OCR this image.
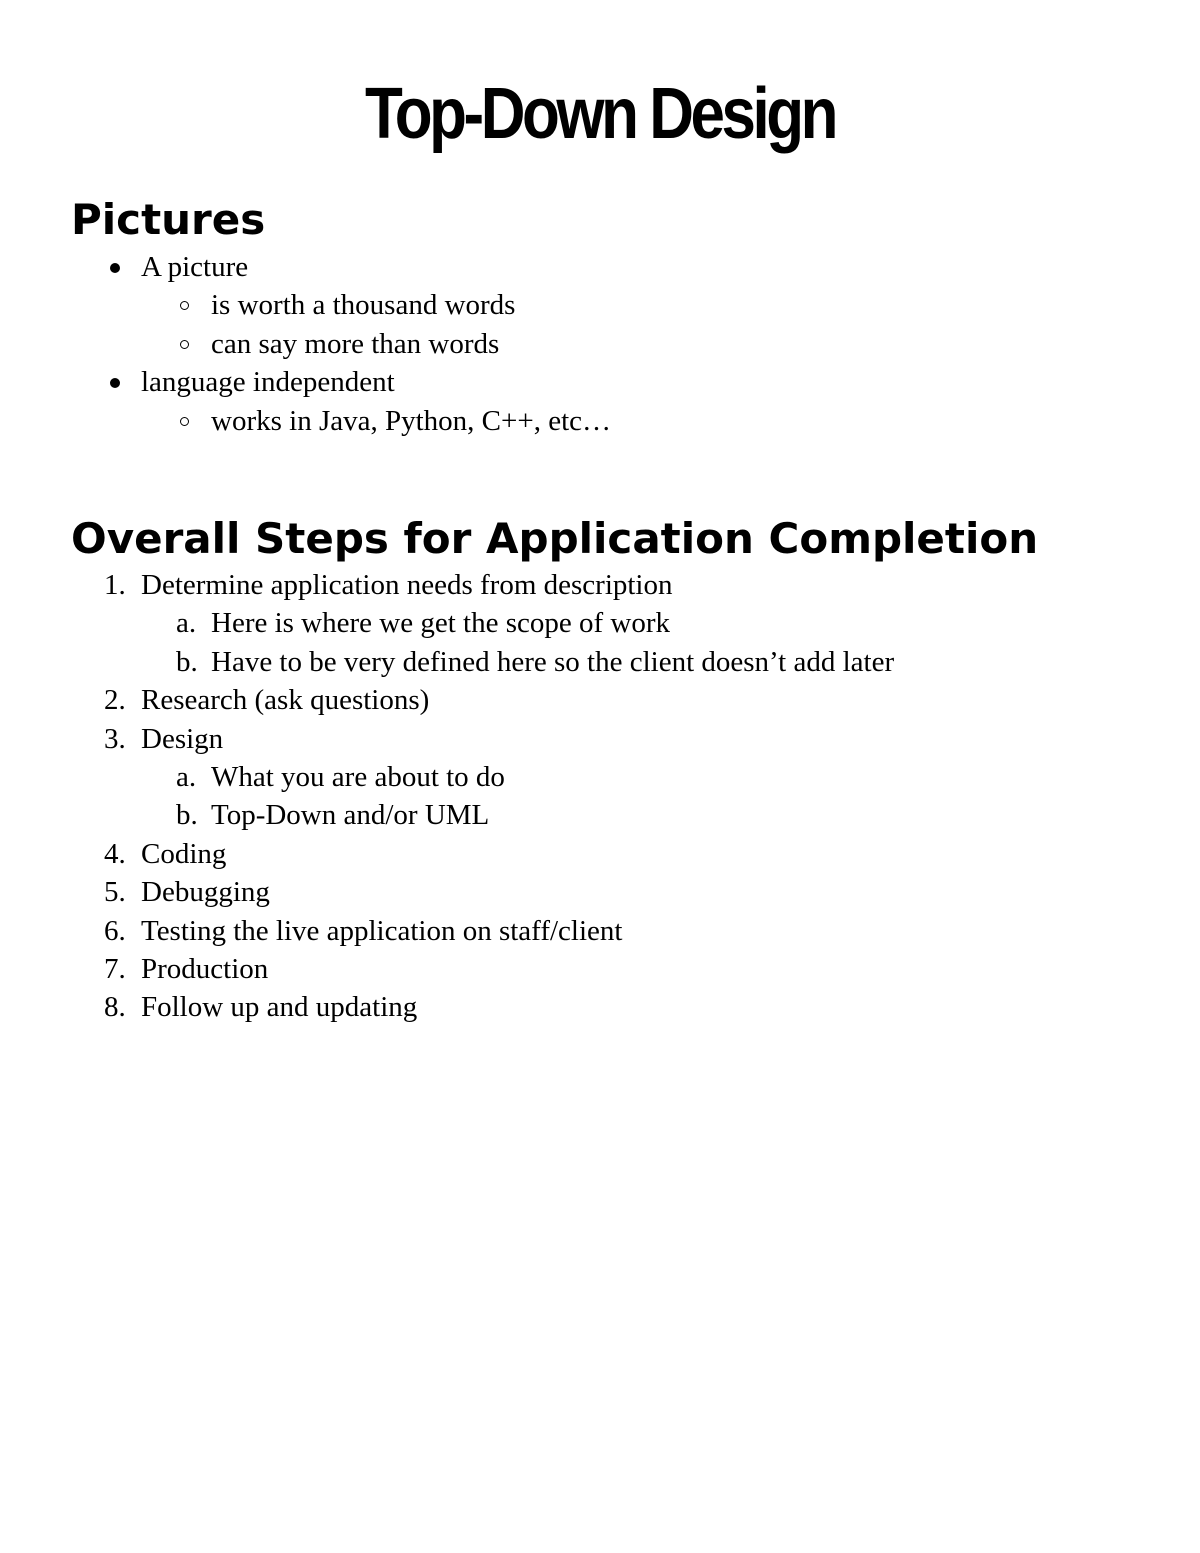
Top-Down Design
Pictures
A picture
is worth a thousand words
can say more than words
language independent
works in Java, Python, C++, etc…
Overall Steps for Application Completion
1. Determine application needs from description
a. Here is where we get the scope of work
b. Have to be very defined here so the client doesn’t add later
2. Research (ask questions)
3. Design
a. What you are about to do
b. Top-Down and/or UML
4. Coding
5. Debugging
6. Testing the live application on staff/client
7. Production
8. Follow up and updating
